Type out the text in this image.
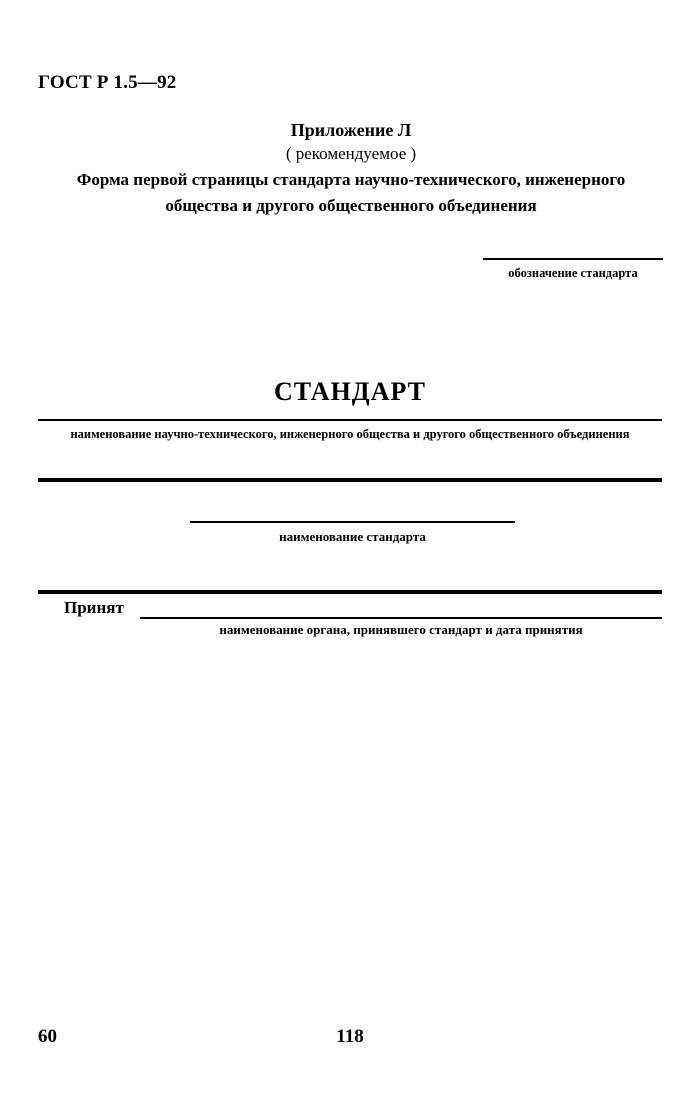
ГОСТ Р 1.5—92
Приложение Л
( рекомендуемое )
Форма первой страницы стандарта научно-технического, инженерного
общества и другого общественного объединения
обозначение стандарта
СТАНДАРТ
наименование научно-технического, инженерного общества и другого общественного объединения
наименование стандарта
Принят
наименование органа, принявшего стандарт и дата принятия
60	118
